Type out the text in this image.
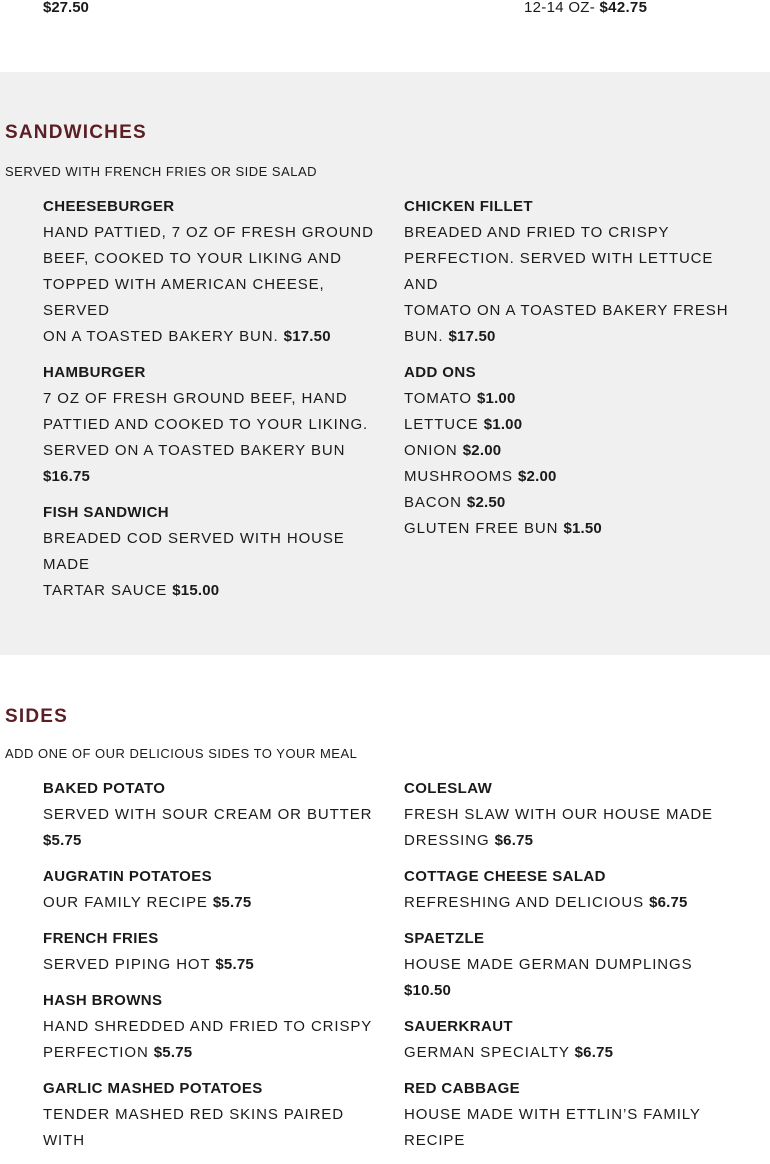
$27.50	12-14 OZ- $42.75
SANDWICHES
SERVED WITH FRENCH FRIES OR SIDE SALAD
CHEESEBURGER
HAND PATTIED, 7 OZ OF FRESH GROUND
BEEF, COOKED TO YOUR LIKING AND
TOPPED WITH AMERICAN CHEESE,
SERVED
ON A TOASTED BAKERY BUN. $17.50
HAMBURGER
7 OZ OF FRESH GROUND BEEF, HAND
PATTIED AND COOKED TO YOUR LIKING.
SERVED ON A TOASTED BAKERY BUN
$16.75
FISH SANDWICH
BREADED COD SERVED WITH HOUSE
MADE
TARTAR SAUCE $15.00
CHICKEN FILLET
BREADED AND FRIED TO CRISPY
PERFECTION. SERVED WITH LETTUCE
AND
TOMATO ON A TOASTED BAKERY FRESH
BUN. $17.50
ADD ONS
TOMATO $1.00
LETTUCE $1.00
ONION $2.00
MUSHROOMS $2.00
BACON $2.50
GLUTEN FREE BUN $1.50
SIDES
ADD ONE OF OUR DELICIOUS SIDES TO YOUR MEAL
BAKED POTATO
SERVED WITH SOUR CREAM OR BUTTER
$5.75
AUGRATIN POTATOES
OUR FAMILY RECIPE $5.75
FRENCH FRIES
SERVED PIPING HOT $5.75
HASH BROWNS
HAND SHREDDED AND FRIED TO CRISPY
PERFECTION $5.75
GARLIC MASHED POTATOES
TENDER MASHED RED SKINS PAIRED
WITH
COLESLAW
FRESH SLAW WITH OUR HOUSE MADE
DRESSING $6.75
COTTAGE CHEESE SALAD
REFRESHING AND DELICIOUS $6.75
SPAETZLE
HOUSE MADE GERMAN DUMPLINGS
$10.50
SAUERKRAUT
GERMAN SPECIALTY $6.75
RED CABBAGE
HOUSE MADE WITH ETTLIN’S FAMILY
RECIPE
